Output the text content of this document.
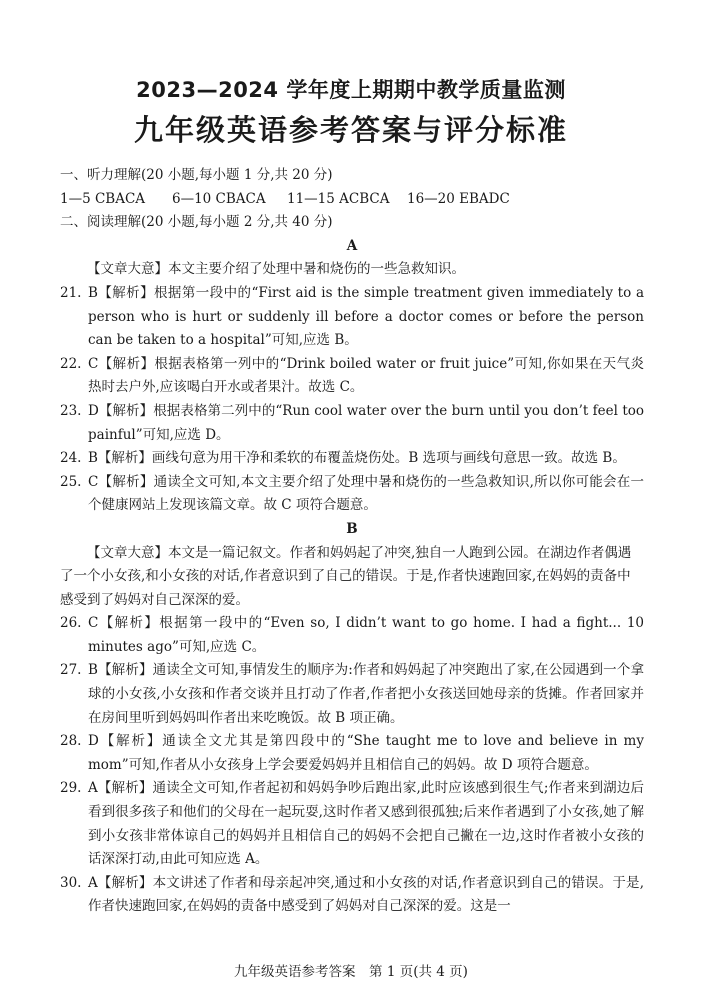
2023—2024 学年度上期期中教学质量监测
九年级英语参考答案与评分标准
一、听力理解(20 小题,每小题 1 分,共 20 分)
1—5 CBACA	6—10 CBACA	11—15 ACBCA	16—20 EBADC
二、阅读理解(20 小题,每小题 2 分,共 40 分)
A
【文章大意】本文主要介绍了处理中暑和烧伤的一些急救知识。
21. B【解析】根据第一段中的“First aid is the simple treatment given immediately to a person who is hurt or suddenly ill before a doctor comes or before the person can be taken to a hospital”可知,应选 B。
22. C【解析】根据表格第一列中的“Drink boiled water or fruit juice”可知,你如果在天气炎热时去户外,应该喝白开水或者果汁。故选 C。
23. D【解析】根据表格第二列中的“Run cool water over the burn until you don’t feel too painful”可知,应选 D。
24. B【解析】画线句意为用干净和柔软的布覆盖烧伤处。B 选项与画线句意思一致。故选 B。
25. C【解析】通读全文可知,本文主要介绍了处理中暑和烧伤的一些急救知识,所以你可能会在一个健康网站上发现该篇文章。故 C 项符合题意。
B
【文章大意】本文是一篇记叙文。作者和妈妈起了冲突,独自一人跑到公园。在湖边作者偶遇了一个小女孩,和小女孩的对话,作者意识到了自己的错误。于是,作者快速跑回家,在妈妈的责备中感受到了妈妈对自己深深的爱。
26. C【解析】根据第一段中的“Even so, I didn’t want to go home. I had a fight... 10 minutes ago”可知,应选 C。
27. B【解析】通读全文可知,事情发生的顺序为:作者和妈妈起了冲突跑出了家,在公园遇到一个拿球的小女孩,小女孩和作者交谈并且打动了作者,作者把小女孩送回她母亲的货摊。作者回家并在房间里听到妈妈叫作者出来吃晚饭。故 B 项正确。
28. D【解析】通读全文尤其是第四段中的“She taught me to love and believe in my mom”可知,作者从小女孩身上学会要爱妈妈并且相信自己的妈妈。故 D 项符合题意。
29. A【解析】通读全文可知,作者起初和妈妈争吵后跑出家,此时应该感到很生气;作者来到湖边后看到很多孩子和他们的父母在一起玩耍,这时作者又感到很孤独;后来作者遇到了小女孩,她了解到小女孩非常体谅自己的妈妈并且相信自己的妈妈不会把自己撇在一边,这时作者被小女孩的话深深打动,由此可知应选 A。
30. A【解析】本文讲述了作者和母亲起冲突,通过和小女孩的对话,作者意识到自己的错误。于是,作者快速跑回家,在妈妈的责备中感受到了妈妈对自己深深的爱。这是一
九年级英语参考答案　第 1 页(共 4 页)
